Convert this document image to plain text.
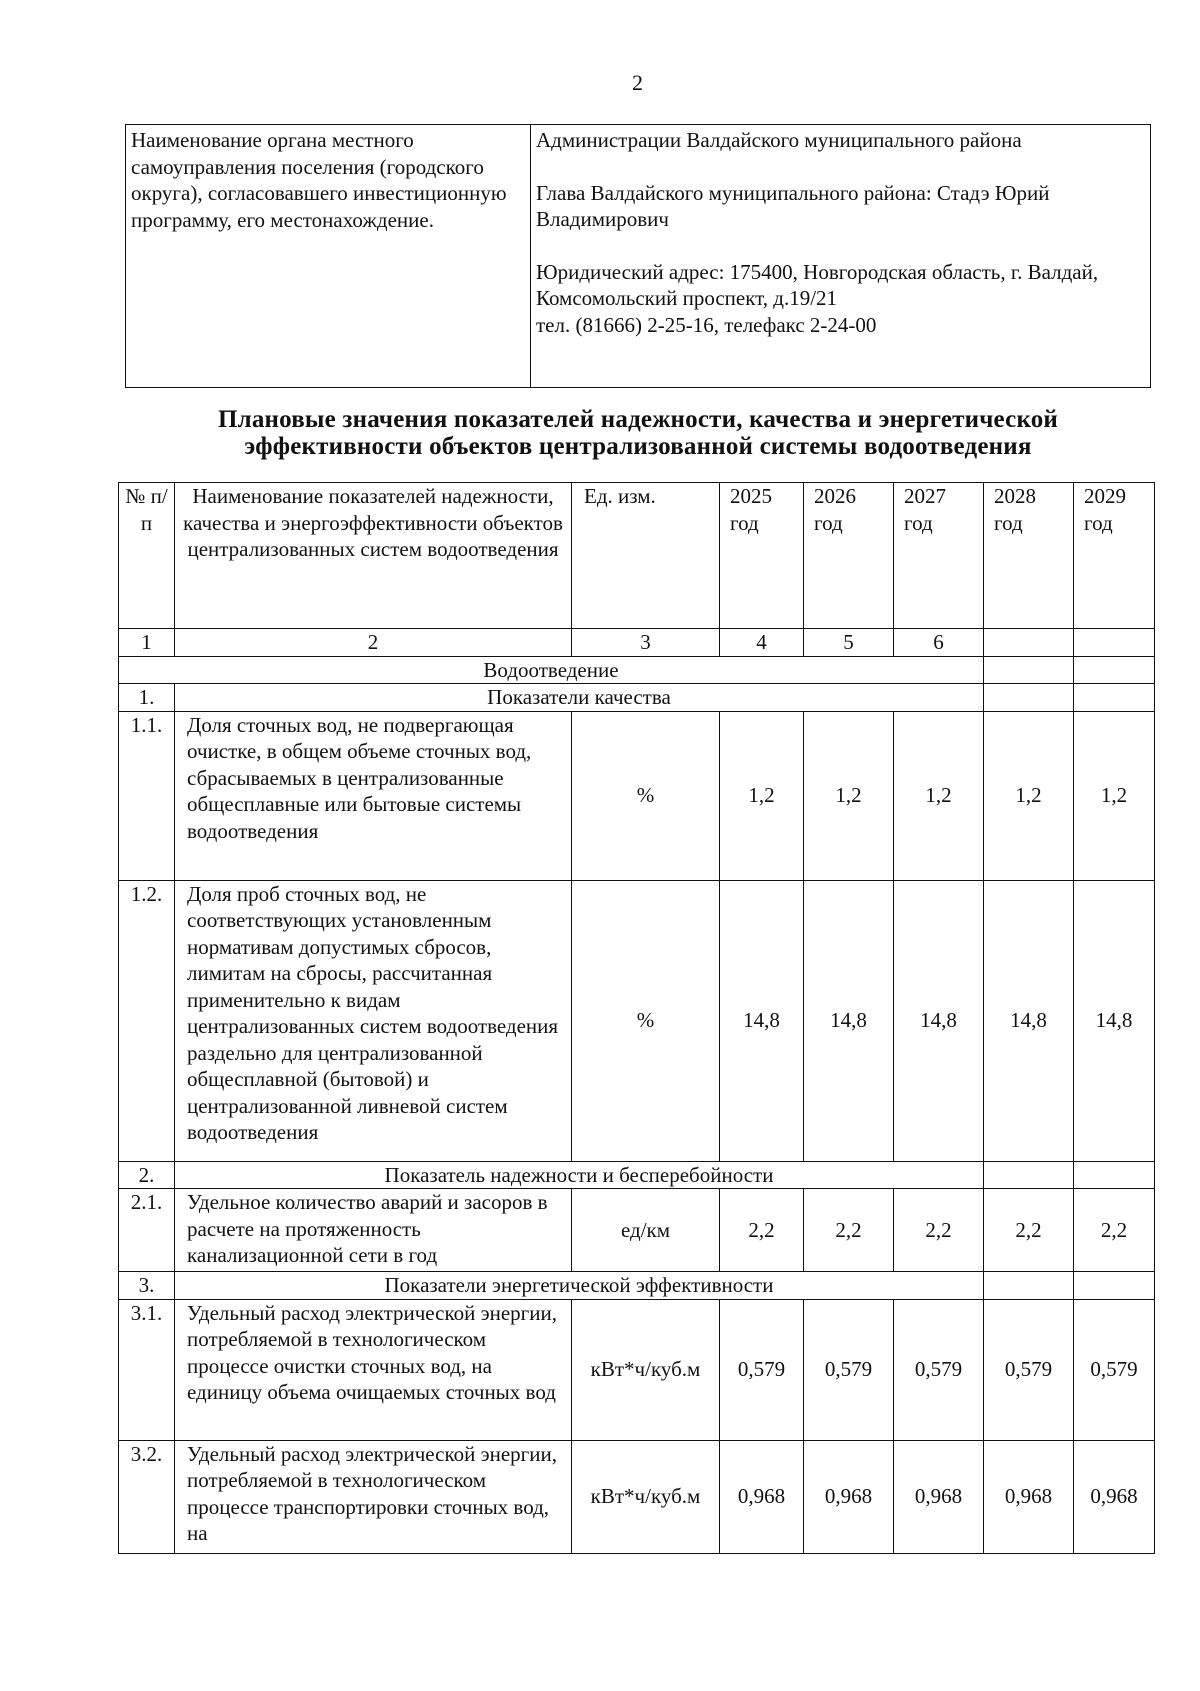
2
Наименование органа местного самоуправления поселения (городского округа), согласовавшего инвестиционную программу, его местонахождение.	

Администрации Валдайского муниципального района

Глава Валдайского муниципального района: Стадэ Юрий Владимирович

Юридический адрес: 175400, Новгородская область, г. Валдай, Комсомольский проспект, д.19/21

тел. (81666) 2-25-16, телефакс 2-24-00

Плановые значения показателей надежности, качества и энергетической
эффективности объектов централизованной системы водоотведения
№ п/п	Наименование показателей надежности, качества и энергоэффективности объектов централизованных систем водоотведения	Ед. изм.	2025 год	2026 год	2027 год	2028 год	2029 год
1	2	3	4	5	6		
Водоотведение							
1.	Показатели качества						
1.1.	Доля сточных вод, не подвергающая очистке, в общем объеме сточных вод, сбрасываемых в централизованные общесплавные или бытовые системы водоотведения	%	1,2	1,2	1,2	1,2	1,2
1.2.	Доля проб сточных вод, не соответствующих установленным нормативам допустимых сбросов, лимитам на сбросы, рассчитанная применительно к видам централизованных систем водоотведения раздельно для централизованной общесплавной (бытовой) и централизованной ливневой систем водоотведения	%	14,8	14,8	14,8	14,8	14,8
2.	Показатель надежности и бесперебойности						
2.1.	Удельное количество аварий и засоров в расчете на протяженность канализационной сети в год	ед/км	2,2	2,2	2,2	2,2	2,2
3.	Показатели энергетической эффективности						
3.1.	Удельный расход электрической энергии, потребляемой в технологическом процессе очистки сточных вод, на единицу объема очищаемых сточных вод	кВт*ч/куб.м	0,579	0,579	0,579	0,579	0,579
3.2.	Удельный расход электрической энергии, потребляемой в технологическом процессе транспортировки сточных вод, на	кВт*ч/куб.м	0,968	0,968	0,968	0,968	0,968
